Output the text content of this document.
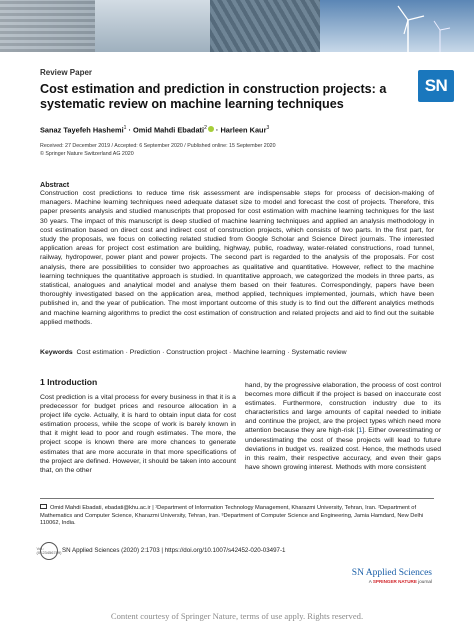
Review Paper
Cost estimation and prediction in construction projects: a systematic review on machine learning techniques
SN
Sanaz Tayefeh Hashemi$^1$ · Omid Mahdi Ebadati$^2$ · Harleen Kaur$^3$
Received: 27 December 2019 / Accepted: 6 September 2020 / Published online: 15 September 2020
© Springer Nature Switzerland AG 2020
Abstract
Construction cost predictions to reduce time risk assessment are indispensable steps for process of decision-making of managers. Machine learning techniques need adequate dataset size to model and forecast the cost of projects. Therefore, this paper presents analysis and studied manuscripts that proposed for cost estimation with machine learning techniques for the last 30 years. The impact of this manuscript is deep studied of machine learning techniques and applied an analysis methodology in cost estimation based on direct cost and indirect cost of construction projects, which consists of two parts. In the first part, for study the proposals, we focus on collecting related studied from Google Scholar and Science Direct journals. The interested application areas for project cost estimation are building, highway, public, roadway, water-related constructions, road tunnel, railway, hydropower, power plant and power projects. The second part is regarded to the analysis of the proposals. For cost analysis, there are possibilities to consider two approaches as qualitative and quantitative. However, reflect to the machine learning techniques the quantitative approach is studied. In quantitative approach, we categorized the models in three parts, as statistical, analogues and analytical model and analyse them based on their features. Correspondingly, papers have been thoroughly investigated based on the application area, method applied, techniques implemented, journals, which have been published in, and the year of publication. The most important outcome of this study is to find out the different analytics methods and machine learning algorithms to predict the cost estimation of construction and related projects and aid to find out the suitable applied methods.
Keywords Cost estimation · Prediction · Construction project · Machine learning · Systematic review
1 Introduction
Cost prediction is a vital process for every business in that it is a predecessor for budget prices and resource allocation in a project life cycle. Actually, it is hard to obtain input data for cost estimation process, while the scope of work is barely known in that it might lead to poor and rough estimates. The more, the project scope is known there are more chances to generate estimates that are more accurate in that more specifications of the project are defined. However, it should be taken into account that, on the other
hand, by the progressive elaboration, the process of cost control becomes more difficult if the project is based on inaccurate cost estimates. Furthermore, construction industry due to its characteristics and large amounts of capital needed to initiate and continue the project, are the project types which need more attention because they are high-risk [1]. Either overestimating or underestimating the cost of these projects will lead to future deviations in budget vs. realized cost. Hence, the methods used in this realm, their respective accuracy, and even their gaps have shown growing interest. Methods with more consistent
Omid Mahdi Ebadati, ebadati@khu.ac.ir | ¹Department of Information Technology Management, Kharazmi University, Tehran, Iran. ²Department of Mathematics and Computer Science, Kharazmi University, Tehran, Iran. ³Department of Computer Science and Engineering, Jamia Hamdard, New Delhi 110062, India.
Vol.:(0123456789) SN Applied Sciences (2020) 2:1703 | https://doi.org/10.1007/s42452-020-03497-1
SN Applied Sciences
A SPRINGER NATURE journal
Content courtesy of Springer Nature, terms of use apply. Rights reserved.
